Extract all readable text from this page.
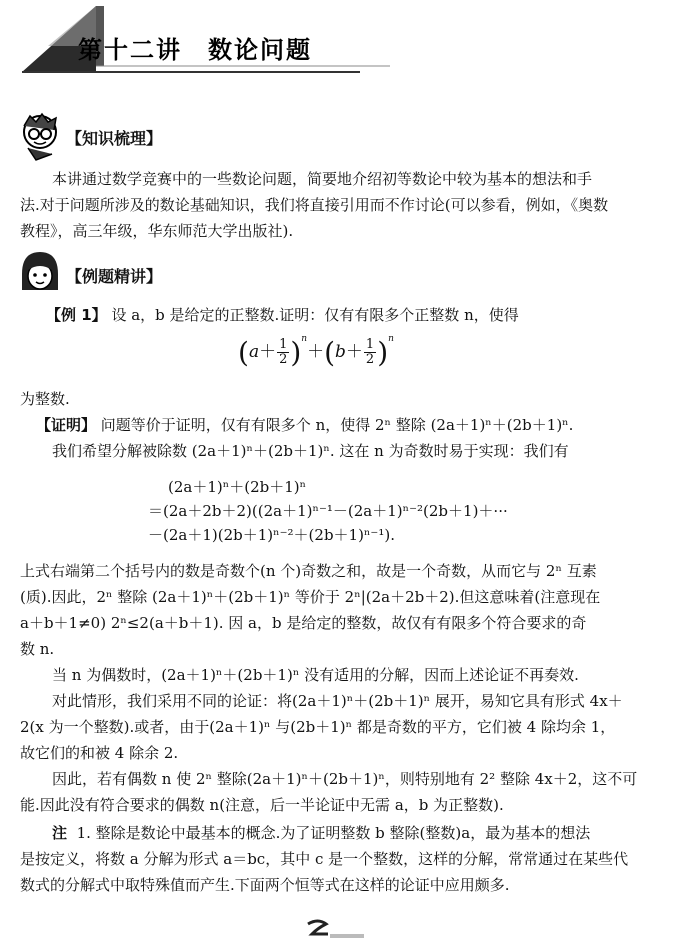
第十二讲　数论问题
【知识梳理】
本讲通过数学竞赛中的一些数论问题，简要地介绍初等数论中较为基本的想法和手
法.对于问题所涉及的数论基础知识，我们将直接引用而不作讨论(可以参看，例如，《奥数
教程》，高三年级，华东师范大学出版社).
【例题精讲】
【例 1】 设 a，b 是给定的正整数.证明：仅有有限多个正整数 n，使得
$(a+ \frac{1}{2} )^n+(b+ \frac{1}{2} )^n$
为整数.
【证明】 问题等价于证明，仅有有限多个 n，使得 2ⁿ 整除 (2a＋1)ⁿ＋(2b＋1)ⁿ.
我们希望分解被除数 (2a＋1)ⁿ＋(2b＋1)ⁿ. 这在 n 为奇数时易于实现：我们有
(2a＋1)ⁿ＋(2b＋1)ⁿ
＝(2a＋2b＋2)((2a＋1)ⁿ⁻¹－(2a＋1)ⁿ⁻²(2b＋1)＋···
－(2a＋1)(2b＋1)ⁿ⁻²＋(2b＋1)ⁿ⁻¹).
上式右端第二个括号内的数是奇数个(n 个)奇数之和，故是一个奇数，从而它与 2ⁿ 互素
(质).因此，2ⁿ 整除 (2a＋1)ⁿ＋(2b＋1)ⁿ 等价于 2ⁿ|(2a＋2b＋2).但这意味着(注意现在
a＋b＋1≠0) 2ⁿ≤2(a＋b＋1). 因 a，b 是给定的整数，故仅有有限多个符合要求的奇
数 n.
当 n 为偶数时，(2a＋1)ⁿ＋(2b＋1)ⁿ 没有适用的分解，因而上述论证不再奏效.
对此情形，我们采用不同的论证：将(2a＋1)ⁿ＋(2b＋1)ⁿ 展开，易知它具有形式 4x＋
2(x 为一个整数).或者，由于(2a＋1)ⁿ 与(2b＋1)ⁿ 都是奇数的平方，它们被 4 除均余 1，
故它们的和被 4 除余 2.
因此，若有偶数 n 使 2ⁿ 整除(2a＋1)ⁿ＋(2b＋1)ⁿ，则特别地有 2² 整除 4x＋2，这不可
能.因此没有符合要求的偶数 n(注意，后一半论证中无需 a，b 为正整数).
注 1. 整除是数论中最基本的概念.为了证明整数 b 整除(整数)a，最为基本的想法
是按定义，将数 a 分解为形式 a＝bc，其中 c 是一个整数，这样的分解，常常通过在某些代
数式的分解式中取特殊值而产生.下面两个恒等式在这样的论证中应用颇多.
